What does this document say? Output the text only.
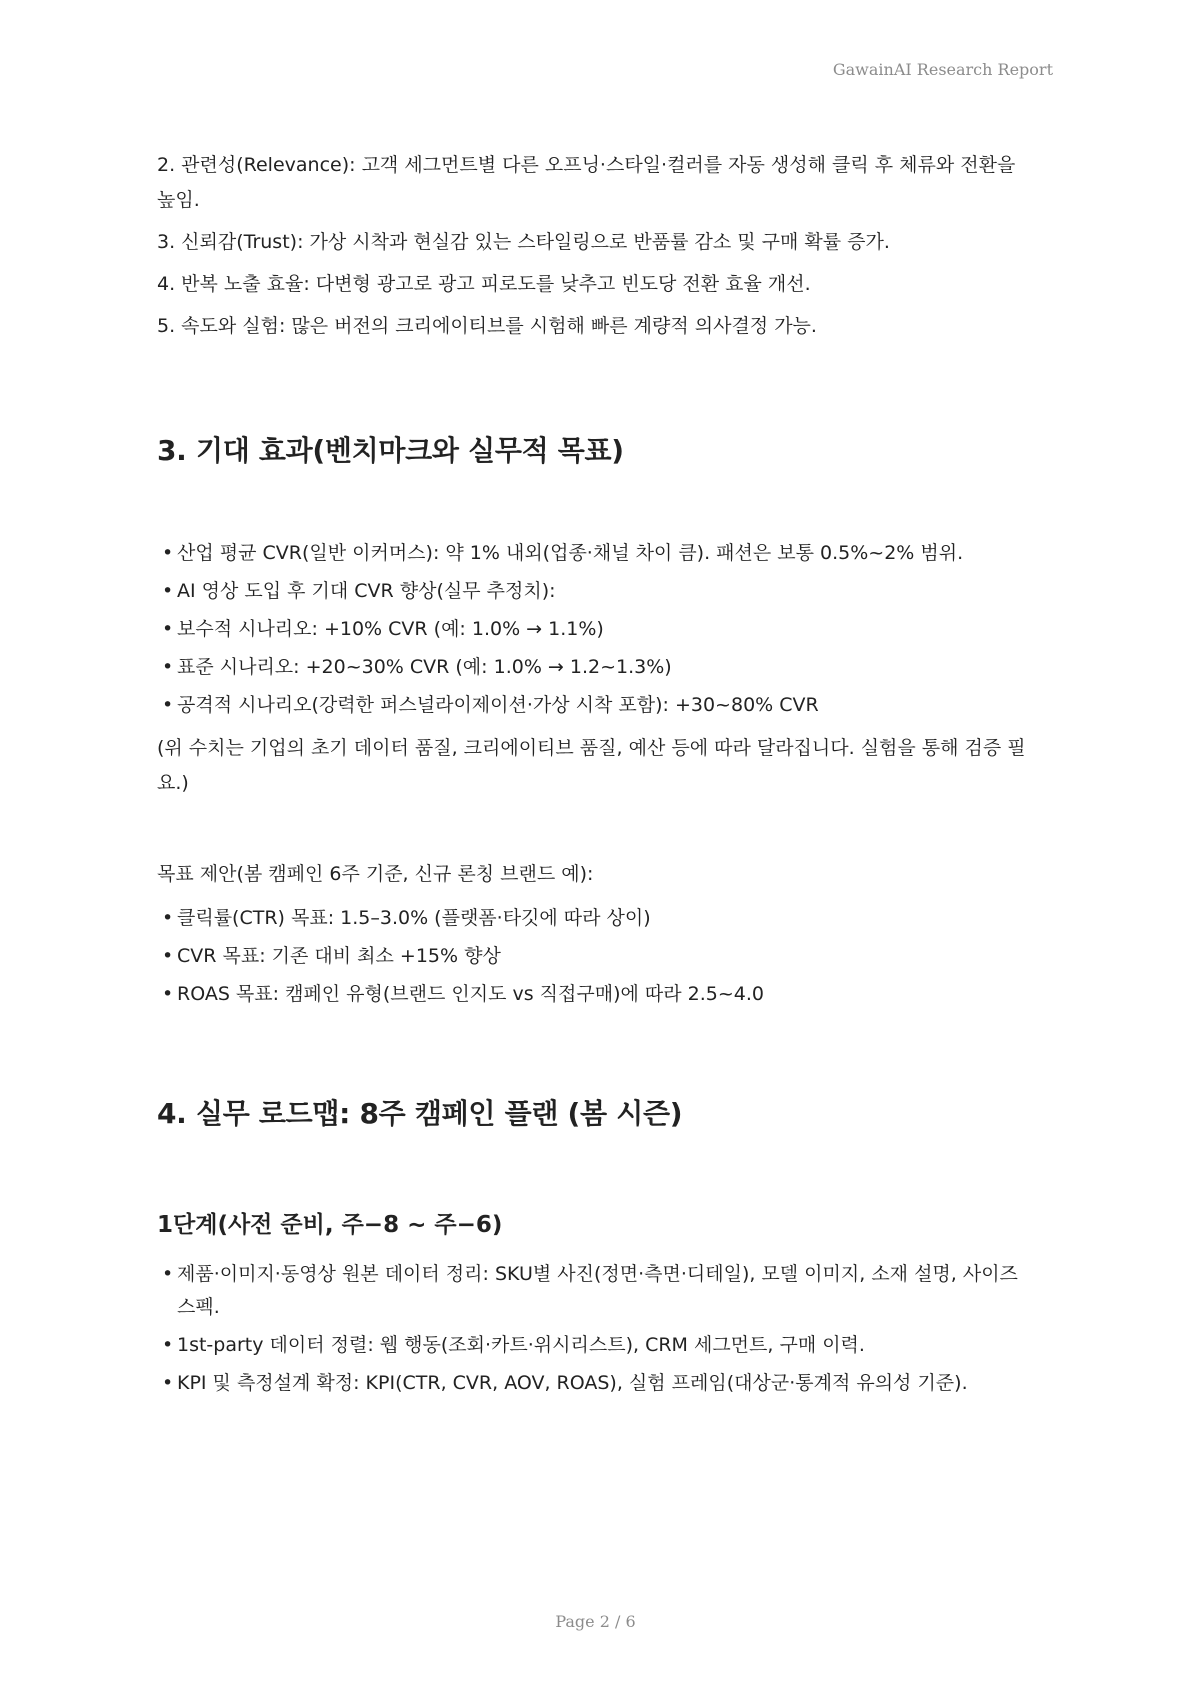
GawainAI Research Report

2. 관련성(Relevance): 고객 세그먼트별 다른 오프닝·스타일·컬러를 자동 생성해 클릭 후 체류와 전환을 높임.

3. 신뢰감(Trust): 가상 시착과 현실감 있는 스타일링으로 반품률 감소 및 구매 확률 증가.

4. 반복 노출 효율: 다변형 광고로 광고 피로도를 낮추고 빈도당 전환 효율 개선.

5. 속도와 실험: 많은 버전의 크리에이티브를 시험해 빠른 계량적 의사결정 가능.

3. 기대 효과(벤치마크와 실무적 목표)
• 산업 평균 CVR(일반 이커머스): 약 1% 내외(업종·채널 차이 큼). 패션은 보통 0.5%~2% 범위.
• AI 영상 도입 후 기대 CVR 향상(실무 추정치):
• 보수적 시나리오: +10% CVR (예: 1.0% → 1.1%)
• 표준 시나리오: +20~30% CVR (예: 1.0% → 1.2~1.3%)
• 공격적 시나리오(강력한 퍼스널라이제이션·가상 시착 포함): +30~80% CVR

(위 수치는 기업의 초기 데이터 품질, 크리에이티브 품질, 예산 등에 따라 달라집니다. 실험을 통해 검증 필요.)

목표 제안(봄 캠페인 6주 기준, 신규 론칭 브랜드 예):

• 클릭률(CTR) 목표: 1.5–3.0% (플랫폼·타깃에 따라 상이)
• CVR 목표: 기존 대비 최소 +15% 향상
• ROAS 목표: 캠페인 유형(브랜드 인지도 vs 직접구매)에 따라 2.5~4.0
4. 실무 로드맵: 8주 캠페인 플랜 (봄 시즌)
1단계(사전 준비, 주−8 ~ 주−6)
• 제품·이미지·동영상 원본 데이터 정리: SKU별 사진(정면·측면·디테일), 모델 이미지, 소재 설명, 사이즈 스펙.
• 1st-party 데이터 정렬: 웹 행동(조회·카트·위시리스트), CRM 세그먼트, 구매 이력.
• KPI 및 측정설계 확정: KPI(CTR, CVR, AOV, ROAS), 실험 프레임(대상군·통계적 유의성 기준).
Page 2 / 6
